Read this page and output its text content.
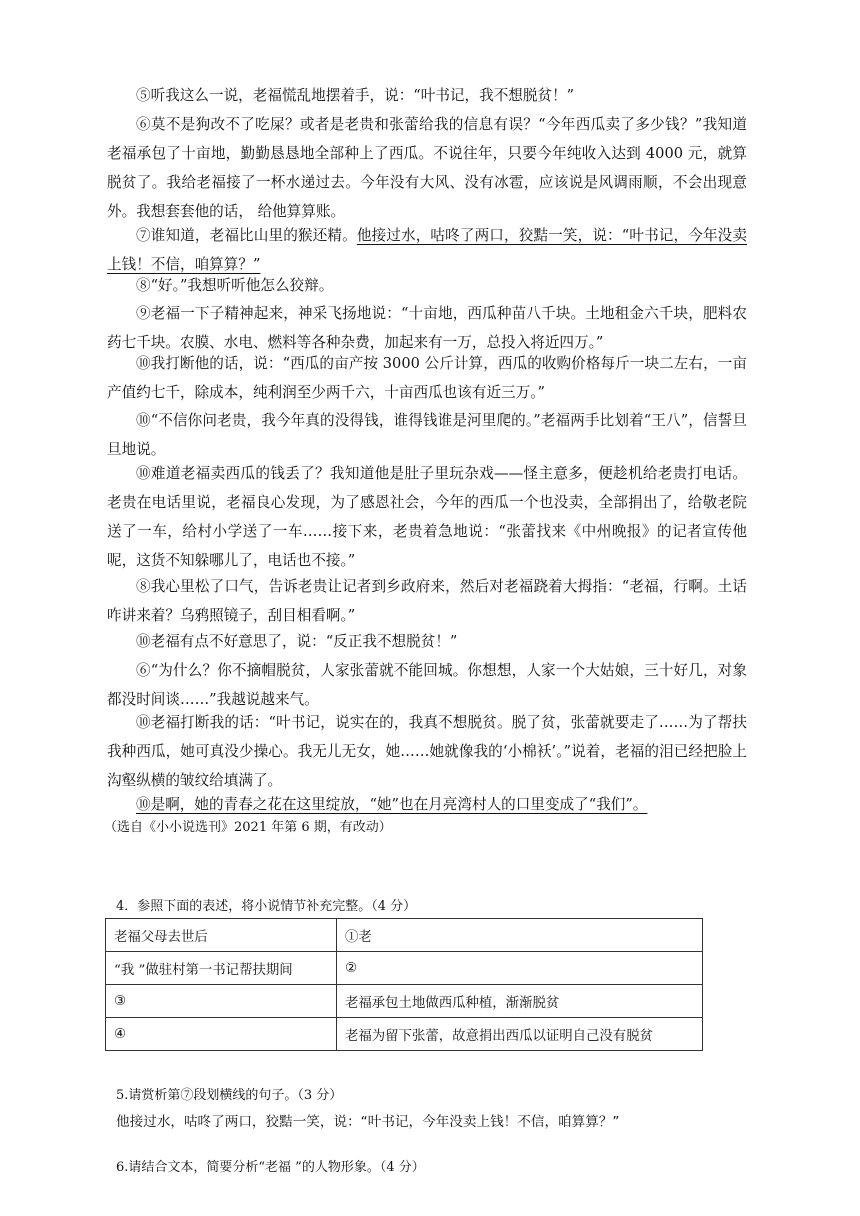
⑤听我这么一说，老福慌乱地摆着手，说：“叶书记，我不想脱贫！”
⑥莫不是狗改不了吃屎？或者是老贵和张蕾给我的信息有误？“今年西瓜卖了多少钱？”我知道老福承包了十亩地，勤勤恳恳地全部种上了西瓜。不说往年，只要今年纯收入达到 4000 元，就算脱贫了。我给老福接了一杯水递过去。今年没有大风、没有冰雹，应该说是风调雨顺，不会出现意外。我想套套他的话， 给他算算账。
⑦谁知道，老福比山里的猴还精。他接过水，咕咚了两口，狡黠一笑，说：“叶书记，今年没卖上钱！不信，咱算算？”
⑧“好。”我想听听他怎么狡辩。
⑨老福一下子精神起来，神采飞扬地说：“十亩地，西瓜种苗八千块。土地租金六千块，肥料农药七千块。农膜、水电、燃料等各种杂费，加起来有一万，总投入将近四万。”
⑩我打断他的话，说：“西瓜的亩产按 3000 公斤计算，西瓜的收购价格每斤一块二左右，一亩产值约七千，除成本，纯利润至少两千六，十亩西瓜也该有近三万。”
⑩“不信你问老贵，我今年真的没得钱，谁得钱谁是河里爬的。”老福两手比划着“王八”，信誓旦旦地说。
⑩难道老福卖西瓜的钱丢了？我知道他是肚子里玩杂戏——怪主意多，便趁机给老贵打电话。老贵在电话里说，老福良心发现，为了感恩社会，今年的西瓜一个也没卖，全部捐出了，给敬老院送了一车，给村小学送了一车……接下来，老贵着急地说：“张蕾找来《中州晚报》的记者宣传他呢，这货不知躲哪儿了，电话也不接。”
⑧我心里松了口气，告诉老贵让记者到乡政府来，然后对老福跷着大拇指：“老福，行啊。土话咋讲来着？乌鸦照镜子，刮目相看啊。”
⑩老福有点不好意思了，说：“反正我不想脱贫！”
⑥“为什么？你不摘帽脱贫，人家张蕾就不能回城。你想想，人家一个大姑娘，三十好几，对象都没时间谈……”我越说越来气。
⑩老福打断我的话：“叶书记，说实在的，我真不想脱贫。脱了贫，张蕾就要走了……为了帮扶我种西瓜，她可真没少操心。我无儿无女，她……她就像我的‘小棉袄’。”说着，老福的泪已经把脸上沟壑纵横的皱纹给填满了。
⑩是啊，她的青春之花在这里绽放，“她”也在月亮湾村人的口里变成了“我们”。
（选自《小小说选刊》2021 年第 6 期，有改动）
4．参照下面的表述，将小说情节补充完整。（4 分）
老福父母去世后	①老
“我 ”做驻村第一书记帮扶期间	②
③	老福承包土地做西瓜种植，渐渐脱贫
④	老福为留下张蕾，故意捐出西瓜以证明自己没有脱贫
5.请赏析第⑦段划横线的句子。（3 分）
他接过水，咕咚了两口，狡黠一笑，说：“叶书记，今年没卖上钱！不信，咱算算？”
6.请结合文本，简要分析“老福 ”的人物形象。（4 分）
